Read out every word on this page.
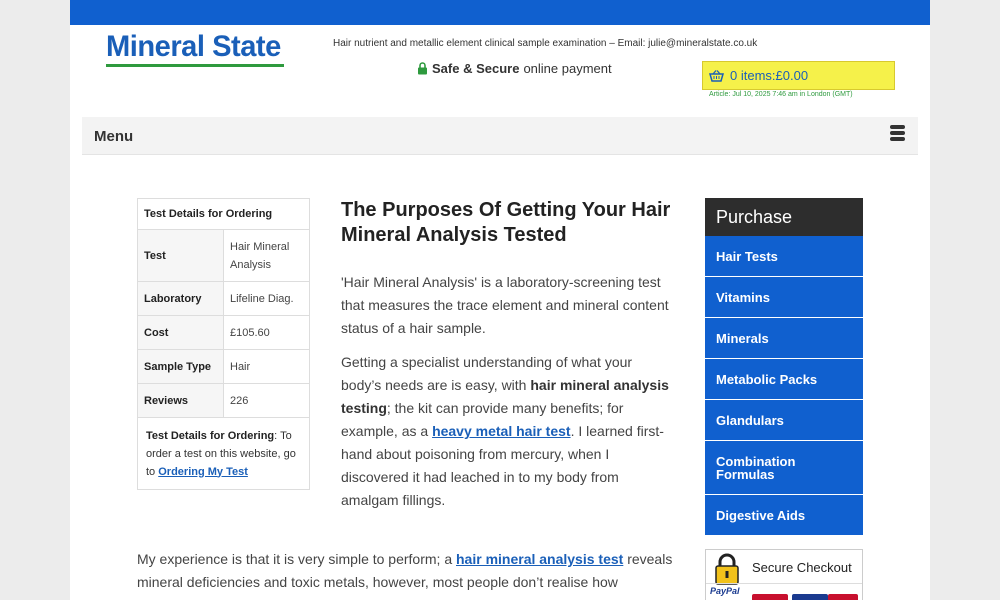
Mineral State	Hair nutrient and metallic element clinical sample examination – Email: julie@mineralstate.co.uk
Safe & Secure online payment	0 items:£0.00
Article: Jul 10, 2025 7:46 am in London (GMT)
Menu
Test Details for Ordering	
Test	Hair Mineral Analysis
Laboratory	Lifeline Diag.
Cost	£105.60
Sample Type	Hair
Reviews	226
Test Details for Ordering: To order a test on this website, go to Ordering My Test	
The Purposes Of Getting Your Hair Mineral Analysis Tested

'Hair Mineral Analysis' is a laboratory-screening test that measures the trace element and mineral content status of a hair sample.

Getting a specialist understanding of what your body’s needs are is easy, with hair mineral analysis testing; the kit can provide many benefits; for example, as a heavy metal hair test. I learned first-hand about poisoning from mercury, when I discovered it had leached in to my body from amalgam fillings.

My experience is that it is very simple to perform; a hair mineral analysis test reveals mineral deficiencies and toxic metals, however, most people don’t realise how
Purchase
Hair Tests
Vitamins
Minerals
Metabolic Packs
Glandulars
Combination Formulas
Digestive Aids
Secure Checkout
PayPal
